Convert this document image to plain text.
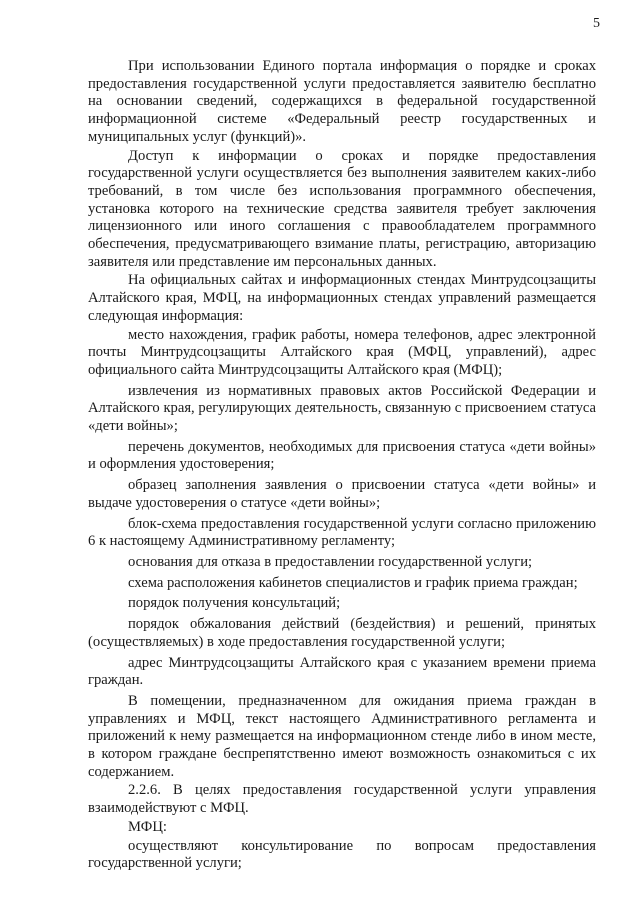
5

При использовании Единого портала информация о порядке и сроках предоставления государственной услуги предоставляется заявителю бесплатно на основании сведений, содержащихся в федеральной государственной информационной системе «Федеральный реестр государственных и муниципальных услуг (функций)».

Доступ к информации о сроках и порядке предоставления государственной услуги осуществляется без выполнения заявителем каких-либо требований, в том числе без использования программного обеспечения, установка которого на технические средства заявителя требует заключения лицензионного или иного соглашения с правообладателем программного обеспечения, предусматривающего взимание платы, регистрацию, авторизацию заявителя или представление им персональных данных.

На официальных сайтах и информационных стендах Минтрудсоцзащиты Алтайского края, МФЦ, на информационных стендах управлений размещается следующая информация:

место нахождения, график работы, номера телефонов, адрес электронной почты Минтрудсоцзащиты Алтайского края (МФЦ, управлений), адрес официального сайта Минтрудсоцзащиты Алтайского края (МФЦ);

извлечения из нормативных правовых актов Российской Федерации и Алтайского края, регулирующих деятельность, связанную с присвоением статуса «дети войны»;

перечень документов, необходимых для присвоения статуса «дети войны» и оформления удостоверения;

образец заполнения заявления о присвоении статуса «дети войны» и выдаче удостоверения о статусе «дети войны»;

блок-схема предоставления государственной услуги согласно приложению 6 к настоящему Административному регламенту;

основания для отказа в предоставлении государственной услуги;

схема расположения кабинетов специалистов и график приема граждан;

порядок получения консультаций;

порядок обжалования действий (бездействия) и решений, принятых (осуществляемых) в ходе предоставления государственной услуги;

адрес Минтрудсоцзащиты Алтайского края с указанием времени приема граждан.

В помещении, предназначенном для ожидания приема граждан в управлениях и МФЦ, текст настоящего Административного регламента и приложений к нему размещается на информационном стенде либо в ином месте, в котором граждане беспрепятственно имеют возможность ознакомиться с их содержанием.

2.2.6. В целях предоставления государственной услуги управления взаимодействуют с МФЦ.

МФЦ:

осуществляют консультирование по вопросам предоставления государственной услуги;
